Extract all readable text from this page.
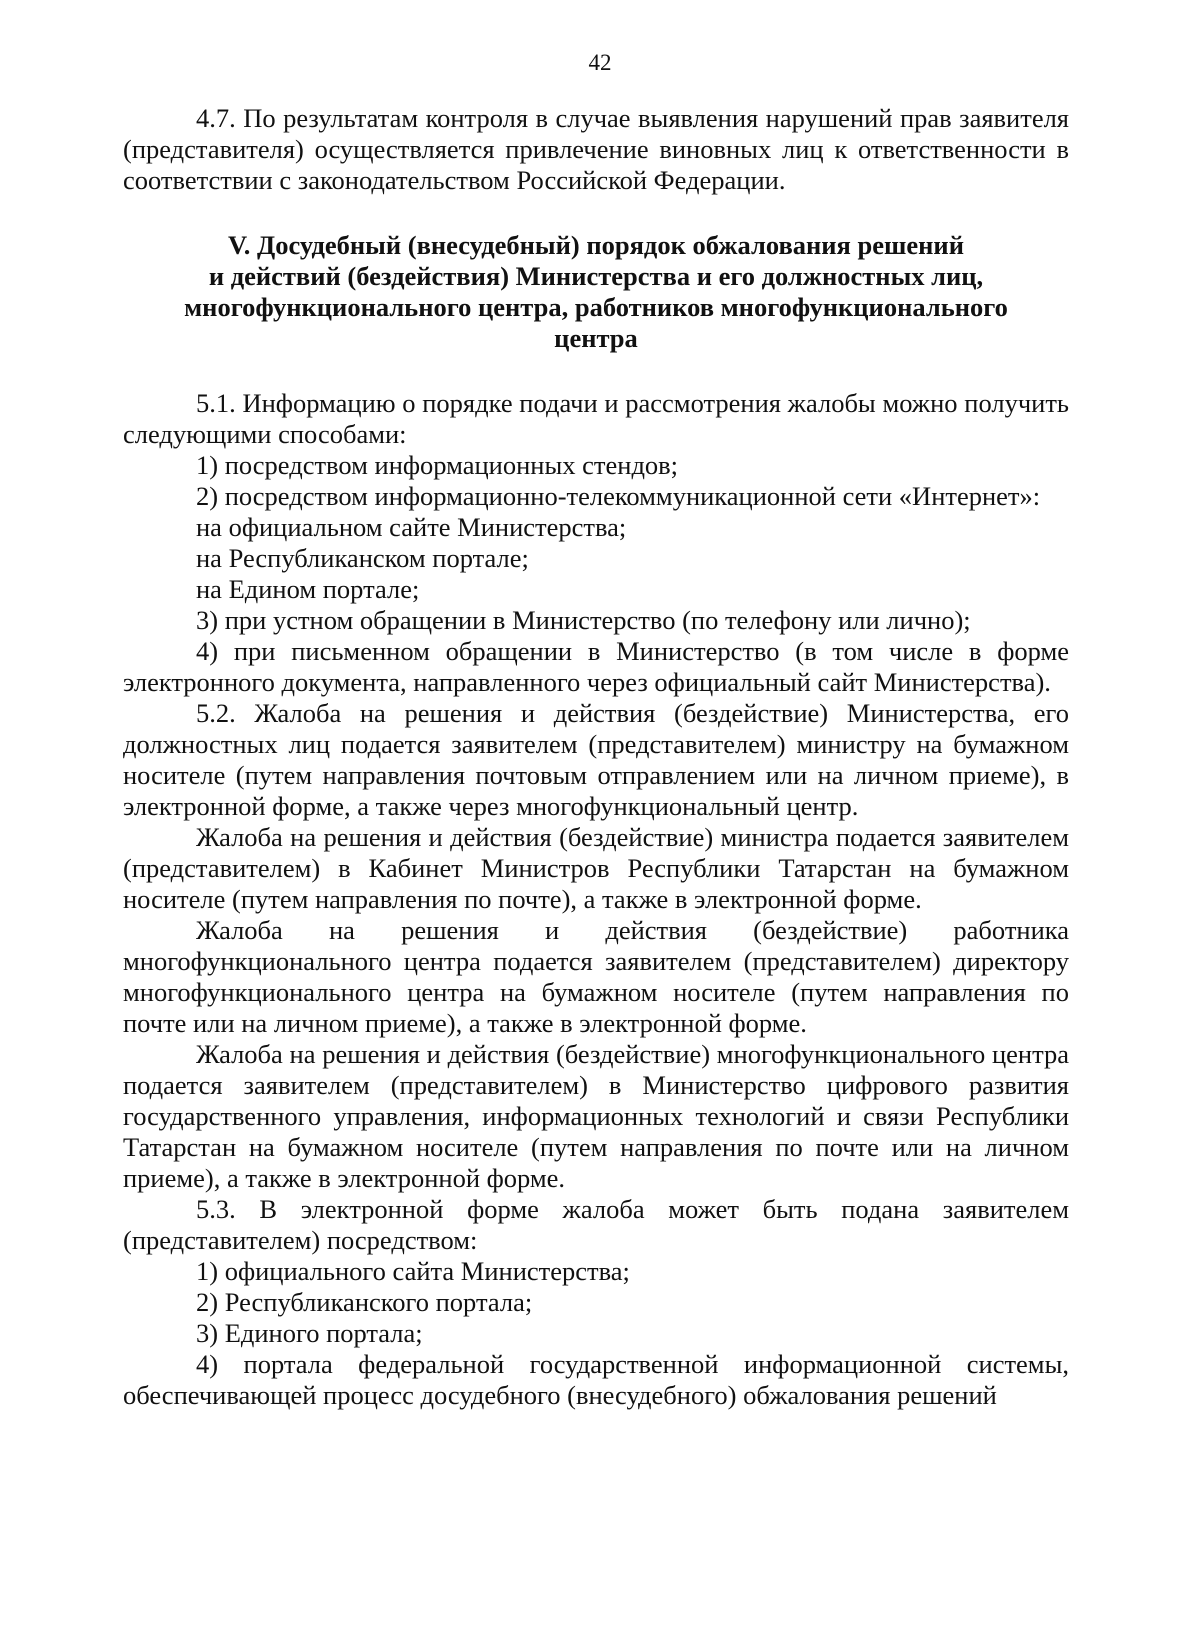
42

4.7. По результатам контроля в случае выявления нарушений прав заявителя (представителя) осуществляется привлечение виновных лиц к ответственности в соответствии с законодательством Российской Федерации.

V. Досудебный (внесудебный) порядок обжалования решений
и действий (бездействия) Министерства и его должностных лиц,
многофункционального центра, работников многофункционального
центра

5.1. Информацию о порядке подачи и рассмотрения жалобы можно получить следующими способами:

1) посредством информационных стендов;

2) посредством информационно-телекоммуникационной сети «Интернет»:

на официальном сайте Министерства;

на Республиканском портале;

на Едином портале;

3) при устном обращении в Министерство (по телефону или лично);

4) при письменном обращении в Министерство (в том числе в форме электронного документа, направленного через официальный сайт Министерства).

5.2. Жалоба на решения и действия (бездействие) Министерства, его должностных лиц подается заявителем (представителем) министру на бумажном носителе (путем направления почтовым отправлением или на личном приеме), в электронной форме, а также через многофункциональный центр.

Жалоба на решения и действия (бездействие) министра подается заявителем (представителем) в Кабинет Министров Республики Татарстан на бумажном носителе (путем направления по почте), а также в электронной форме.

Жалоба на решения и действия (бездействие) работника многофункционального центра подается заявителем (представителем) директору многофункционального центра на бумажном носителе (путем направления по почте или на личном приеме), а также в электронной форме.

Жалоба на решения и действия (бездействие) многофункционального центра подается заявителем (представителем) в Министерство цифрового развития государственного управления, информационных технологий и связи Республики Татарстан на бумажном носителе (путем направления по почте или на личном приеме), а также в электронной форме.

5.3. В электронной форме жалоба может быть подана заявителем (представителем) посредством:

1) официального сайта Министерства;

2) Республиканского портала;

3) Единого портала;

4) портала федеральной государственной информационной системы, обеспечивающей процесс досудебного (внесудебного) обжалования решений
